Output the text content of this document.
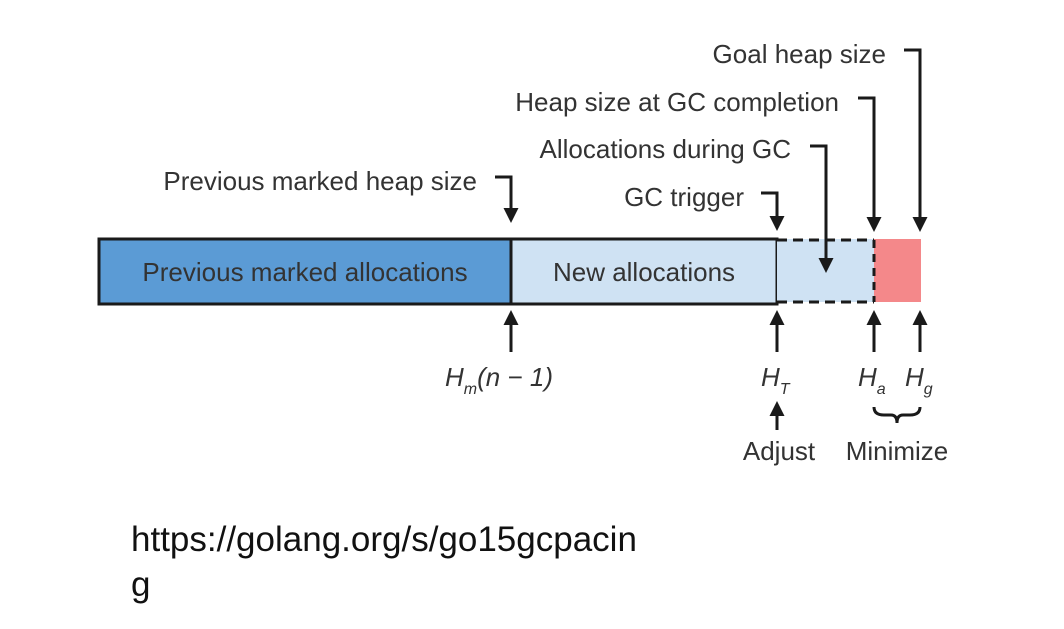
Previous marked allocations	New allocations
Goal heap size
Heap size at GC completion
Allocations during GC
Previous marked heap size
GC trigger
Hm(n − 1)	HT	Ha Hg
Adjust Minimize

https://golang.org/s/go15gcpacin

g
